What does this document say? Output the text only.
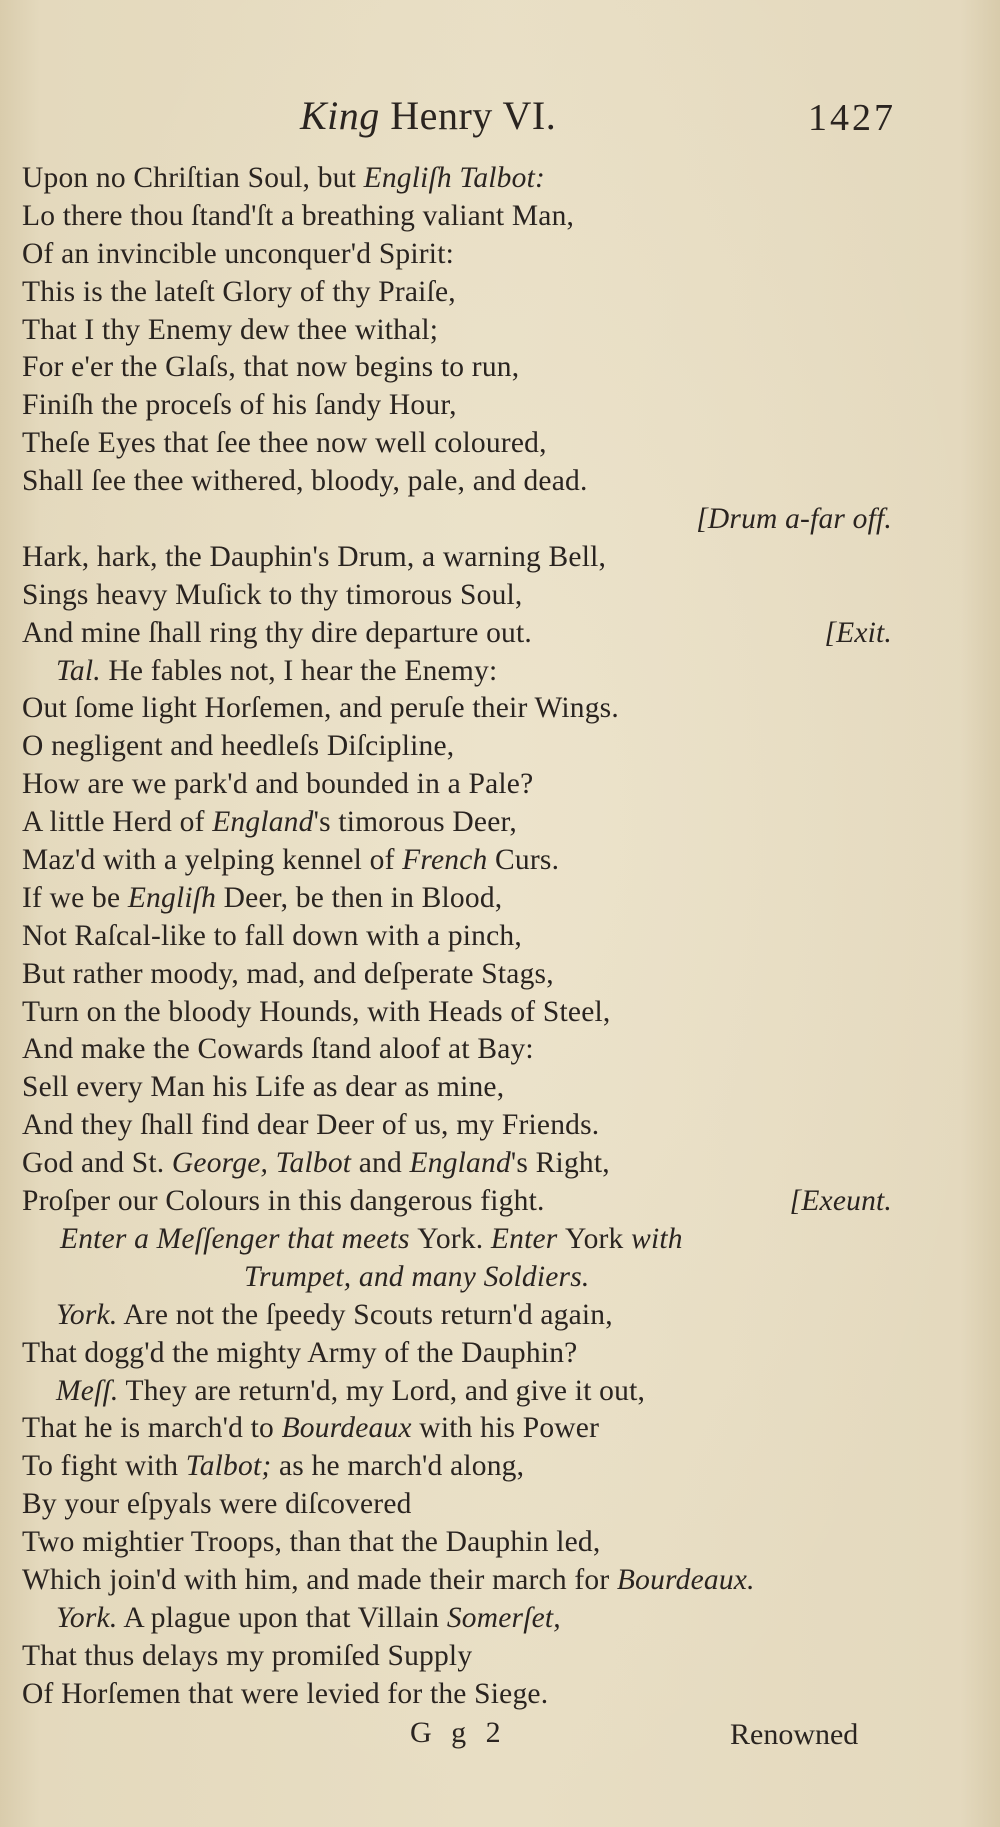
King Henry VI.	1427
Upon no Chriſtian Soul, but Engliſh Talbot:
Lo there thou ſtand'ſt a breathing valiant Man,
Of an invincible unconquer'd Spirit:
This is the lateſt Glory of thy Praiſe,
That I thy Enemy dew thee withal;
For e'er the Glaſs, that now begins to run,
Finiſh the proceſs of his ſandy Hour,
Theſe Eyes that ſee thee now well coloured,
Shall ſee thee withered, bloody, pale, and dead.
[Drum a-far off.
Hark, hark, the Dauphin's Drum, a warning Bell,
Sings heavy Muſick to thy timorous Soul,
And mine ſhall ring thy dire departure out.	[Exit.
Tal. He fables not, I hear the Enemy:
Out ſome light Horſemen, and peruſe their Wings.
O negligent and heedleſs Diſcipline,
How are we park'd and bounded in a Pale?
A little Herd of England's timorous Deer,
Maz'd with a yelping kennel of French Curs.
If we be Engliſh Deer, be then in Blood,
Not Raſcal-like to fall down with a pinch,
But rather moody, mad, and deſperate Stags,
Turn on the bloody Hounds, with Heads of Steel,
And make the Cowards ſtand aloof at Bay:
Sell every Man his Life as dear as mine,
And they ſhall find dear Deer of us, my Friends.
God and St. George, Talbot and England's Right,
Proſper our Colours in this dangerous fight.	[Exeunt.
Enter a Meſſenger that meets York. Enter York with
Trumpet, and many Soldiers.
York. Are not the ſpeedy Scouts return'd again,
That dogg'd the mighty Army of the Dauphin?
Meſſ. They are return'd, my Lord, and give it out,
That he is march'd to Bourdeaux with his Power
To fight with Talbot; as he march'd along,
By your eſpyals were diſcovered
Two mightier Troops, than that the Dauphin led,
Which join'd with him, and made their march for Bourdeaux.
York. A plague upon that Villain Somerſet,
That thus delays my promiſed Supply
Of Horſemen that were levied for the Siege.
G g 2	Renowned
